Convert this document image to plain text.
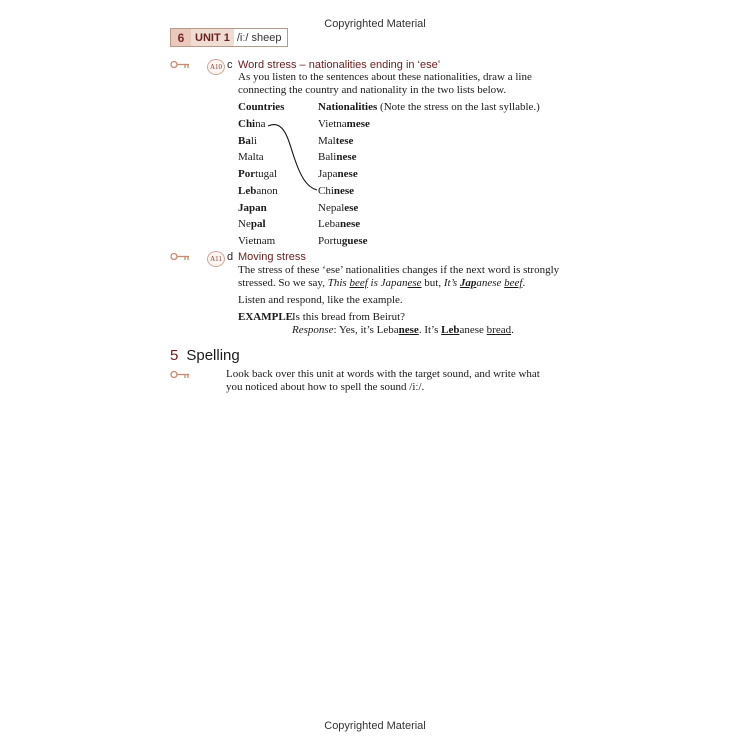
Copyrighted Material
6 UNIT 1 /iː/ sheep
A10 c Word stress – nationalities ending in ‘ese’
As you listen to the sentences about these nationalities, draw a line
connecting the country and nationality in the two lists below.
Countries	Nationalities (Note the stress on the last syllable.)
China
Bali
Malta
Portugal
Lebanon
Japan
Nepal
Vietnam
Vietnamese
Maltese
Balinese
Japanese
Chinese
Nepalese
Lebanese
Portuguese
A11 d Moving stress
The stress of these ‘ese’ nationalities changes if the next word is strongly
stressed. So we say, This beef is Japanese but, It’s Japanese beef.
Listen and respond, like the example.
EXAMPLE Is this bread from Beirut?
Response: Yes, it’s Lebanese. It’s Lebanese bread.
5 Spelling
Look back over this unit at words with the target sound, and write what
you noticed about how to spell the sound /iː/.
Copyrighted Material
